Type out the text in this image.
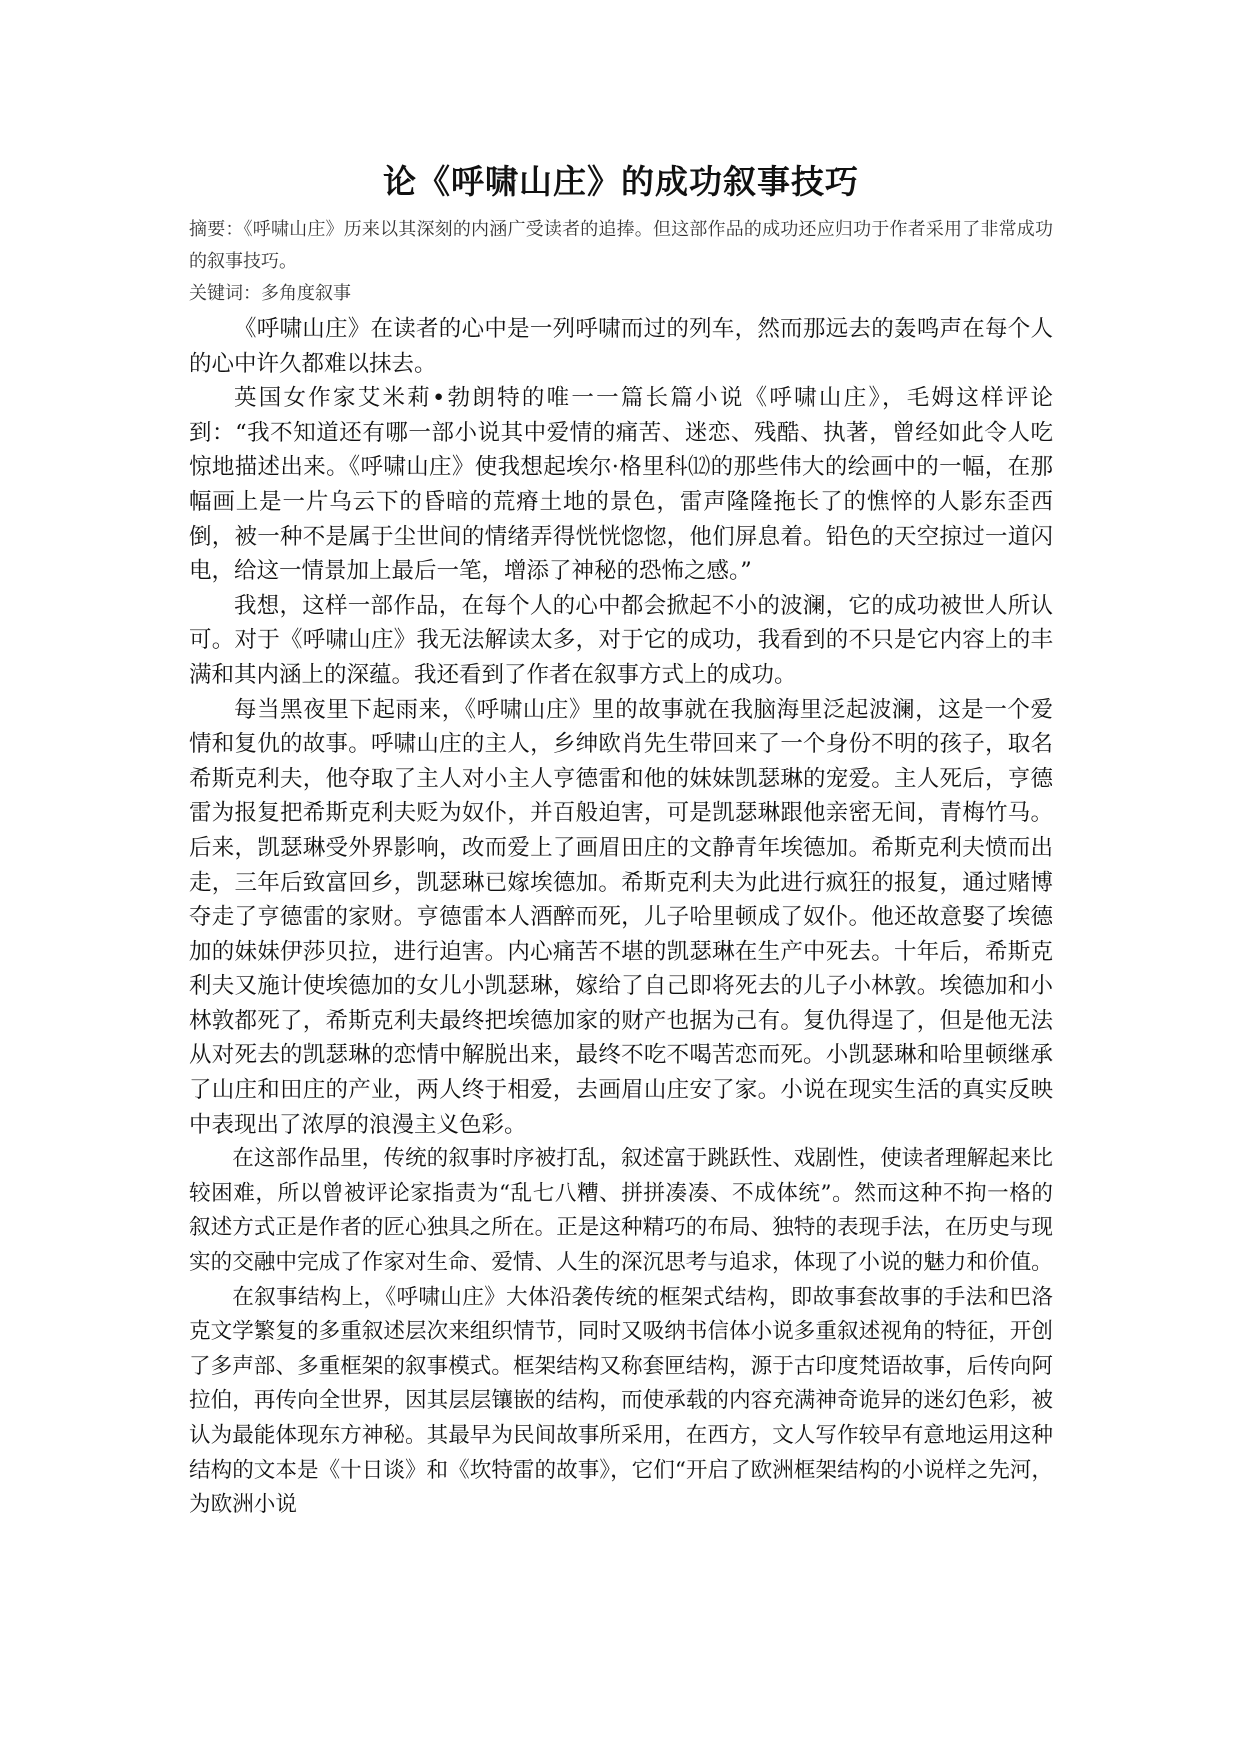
论《呼啸山庄》的成功叙事技巧

摘要：《呼啸山庄》历来以其深刻的内涵广受读者的追捧。但这部作品的成功还应归功于作者采用了非常成功的叙事技巧。

关键词：多角度叙事

《呼啸山庄》在读者的心中是一列呼啸而过的列车，然而那远去的轰鸣声在每个人的心中许久都难以抹去。

英国女作家艾米莉•勃朗特的唯一一篇长篇小说《呼啸山庄》，毛姆这样评论到：“我不知道还有哪一部小说其中爱情的痛苦、迷恋、残酷、执著，曾经如此令人吃惊地描述出来。《呼啸山庄》使我想起埃尔·格里科⑿的那些伟大的绘画中的一幅，在那幅画上是一片乌云下的昏暗的荒瘠土地的景色，雷声隆隆拖长了的憔悴的人影东歪西倒，被一种不是属于尘世间的情绪弄得恍恍惚惚，他们屏息着。铅色的天空掠过一道闪电，给这一情景加上最后一笔，增添了神秘的恐怖之感。”

我想，这样一部作品，在每个人的心中都会掀起不小的波澜，它的成功被世人所认可。对于《呼啸山庄》我无法解读太多，对于它的成功，我看到的不只是它内容上的丰满和其内涵上的深蕴。我还看到了作者在叙事方式上的成功。

每当黑夜里下起雨来，《呼啸山庄》里的故事就在我脑海里泛起波澜，这是一个爱情和复仇的故事。呼啸山庄的主人，乡绅欧肖先生带回来了一个身份不明的孩子，取名希斯克利夫，他夺取了主人对小主人亨德雷和他的妹妹凯瑟琳的宠爱。主人死后，亨德雷为报复把希斯克利夫贬为奴仆，并百般迫害，可是凯瑟琳跟他亲密无间，青梅竹马。后来，凯瑟琳受外界影响，改而爱上了画眉田庄的文静青年埃德加。希斯克利夫愤而出走，三年后致富回乡，凯瑟琳已嫁埃德加。希斯克利夫为此进行疯狂的报复，通过赌博夺走了亨德雷的家财。亨德雷本人酒醉而死，儿子哈里顿成了奴仆。他还故意娶了埃德加的妹妹伊莎贝拉，进行迫害。内心痛苦不堪的凯瑟琳在生产中死去。十年后，希斯克利夫又施计使埃德加的女儿小凯瑟琳，嫁给了自己即将死去的儿子小林敦。埃德加和小林敦都死了，希斯克利夫最终把埃德加家的财产也据为己有。复仇得逞了，但是他无法从对死去的凯瑟琳的恋情中解脱出来，最终不吃不喝苦恋而死。小凯瑟琳和哈里顿继承了山庄和田庄的产业，两人终于相爱，去画眉山庄安了家。小说在现实生活的真实反映中表现出了浓厚的浪漫主义色彩。

在这部作品里，传统的叙事时序被打乱，叙述富于跳跃性、戏剧性，使读者理解起来比较困难，所以曾被评论家指责为“乱七八糟、拼拼凑凑、不成体统”。然而这种不拘一格的叙述方式正是作者的匠心独具之所在。正是这种精巧的布局、独特的表现手法，在历史与现实的交融中完成了作家对生命、爱情、人生的深沉思考与追求，体现了小说的魅力和价值。

在叙事结构上，《呼啸山庄》大体沿袭传统的框架式结构，即故事套故事的手法和巴洛克文学繁复的多重叙述层次来组织情节，同时又吸纳书信体小说多重叙述视角的特征，开创了多声部、多重框架的叙事模式。框架结构又称套匣结构，源于古印度梵语故事，后传向阿拉伯，再传向全世界，因其层层镶嵌的结构，而使承载的内容充满神奇诡异的迷幻色彩，被认为最能体现东方神秘。其最早为民间故事所采用，在西方，文人写作较早有意地运用这种结构的文本是《十日谈》和《坎特雷的故事》，它们“开启了欧洲框架结构的小说样之先河，为欧洲小说
